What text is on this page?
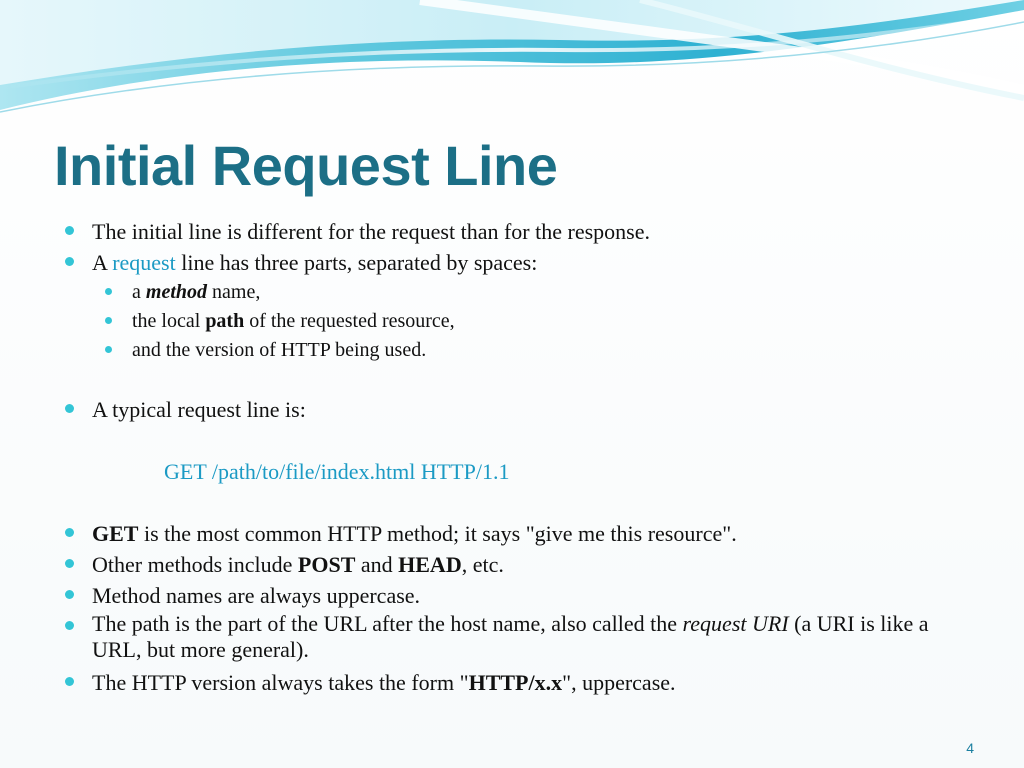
Initial Request Line
The initial line is different for the request than for the response.
A request line has three parts, separated by spaces:
a method name,
the local path of the requested resource,
and the version of HTTP being used.
A typical request line is:
GET /path/to/file/index.html HTTP/1.1
GET is the most common HTTP method; it says "give me this resource".
Other methods include POST and HEAD, etc.
Method names are always uppercase.
The path is the part of the URL after the host name, also called the request URI (a URI is like a URL, but more general).
The HTTP version always takes the form "HTTP/x.x", uppercase.
4
